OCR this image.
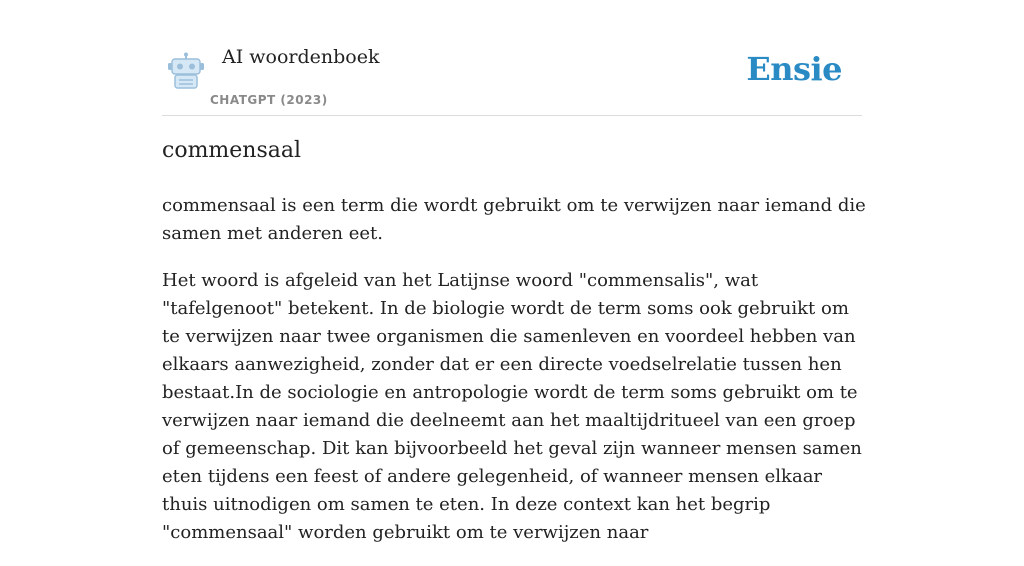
AI woordenboek
CHATGPT (2023)
Ensie
commensaal

commensaal is een term die wordt gebruikt om te verwijzen naar iemand die samen met anderen eet.

Het woord is afgeleid van het Latijnse woord "commensalis", wat "tafelgenoot" betekent. In de biologie wordt de term soms ook gebruikt om te verwijzen naar twee organismen die samenleven en voordeel hebben van elkaars aanwezigheid, zonder dat er een directe voedselrelatie tussen hen bestaat.In de sociologie en antropologie wordt de term soms gebruikt om te verwijzen naar iemand die deelneemt aan het maaltijdritueel van een groep of gemeenschap. Dit kan bijvoorbeeld het geval zijn wanneer mensen samen eten tijdens een feest of andere gelegenheid, of wanneer mensen elkaar thuis uitnodigen om samen te eten. In deze context kan het begrip "commensaal" worden gebruikt om te verwijzen naar
